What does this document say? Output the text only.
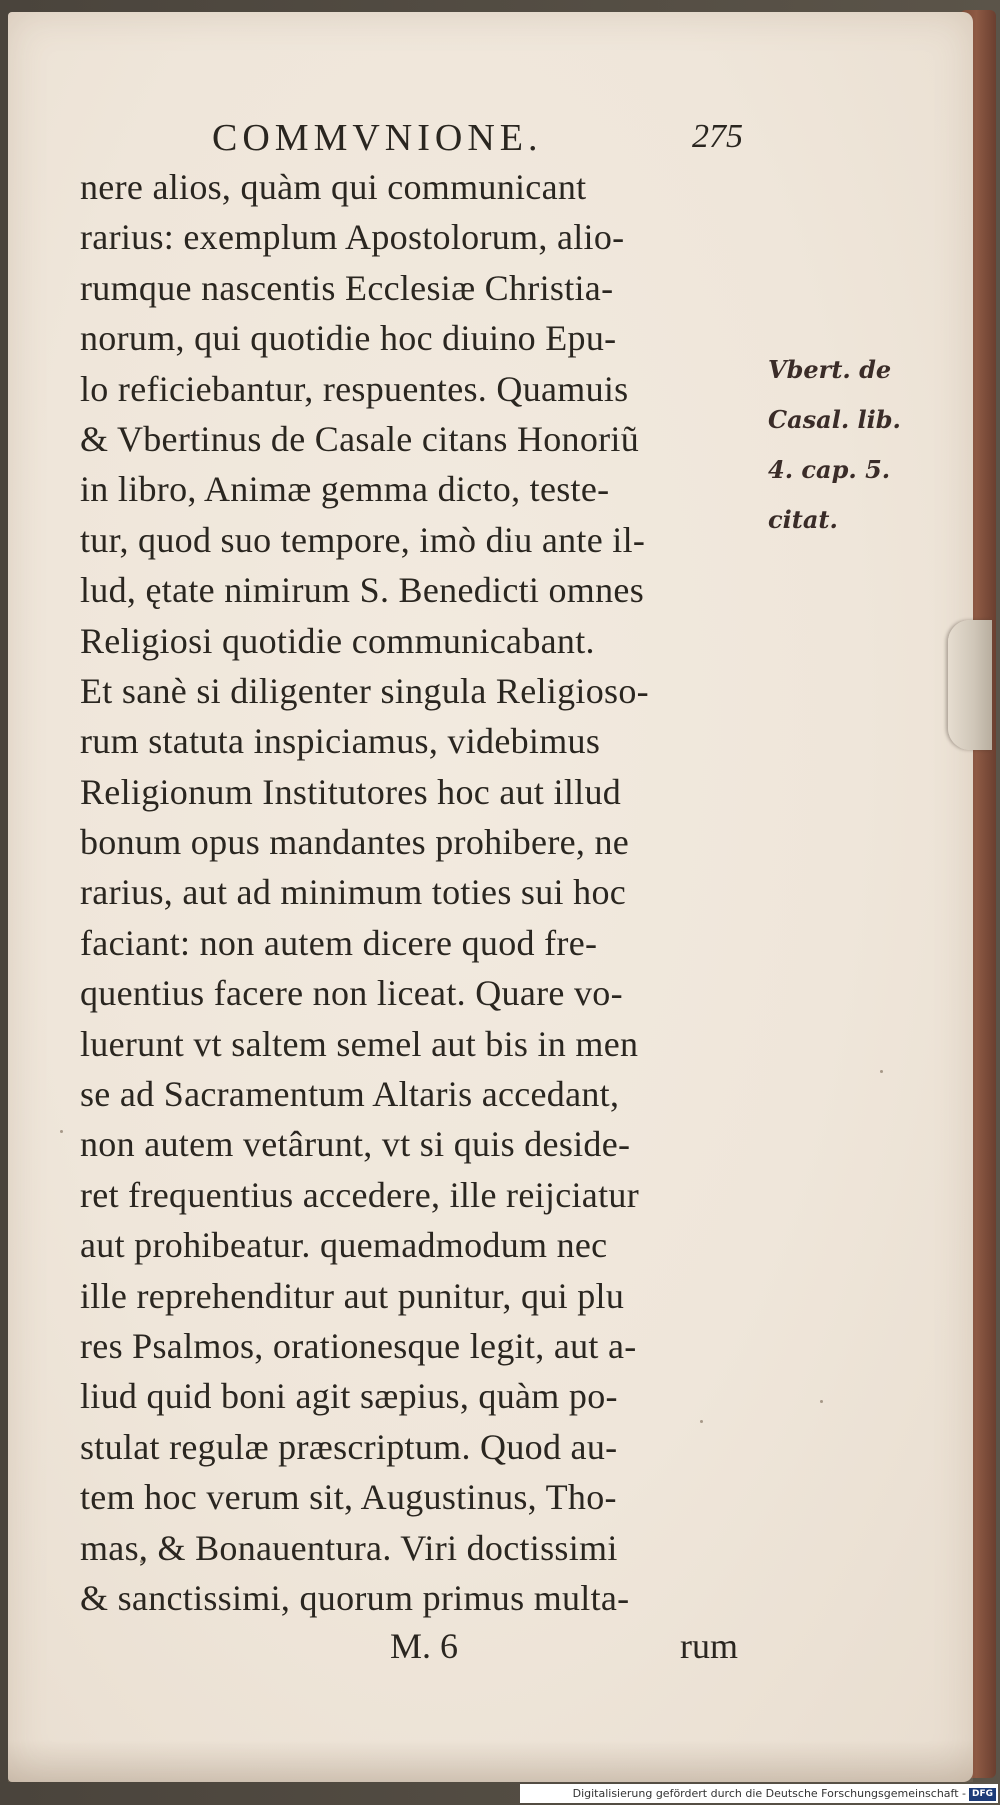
COMMVNIONE.	275
nere alios, quàm qui communicant
rarius: exemplum Apostolorum, alio-
rumque nascentis Ecclesiæ Christia-
norum, qui quotidie hoc diuino Epu-
lo reficiebantur, respuentes. Quamuis
& Vbertinus de Casale citans Honoriũ
in libro, Animæ gemma dicto, teste-
tur, quod suo tempore, imò diu ante il-
lud, ętate nimirum S. Benedicti omnes
Religiosi quotidie communicabant.
Et sanè si diligenter singula Religioso-
rum statuta inspiciamus, videbimus
Religionum Institutores hoc aut illud
bonum opus mandantes prohibere, ne
rarius, aut ad minimum toties sui hoc
faciant: non autem dicere quod fre-
quentius facere non liceat. Quare vo-
luerunt vt saltem semel aut bis in men
se ad Sacramentum Altaris accedant,
non autem vetârunt, vt si quis deside-
ret frequentius accedere, ille reijciatur
aut prohibeatur. quemadmodum nec
ille reprehenditur aut punitur, qui plu
res Psalmos, orationesque legit, aut a-
liud quid boni agit sæpius, quàm po-
stulat regulæ præscriptum. Quod au-
tem hoc verum sit, Augustinus, Tho-
mas, & Bonauentura. Viri doctissimi
& sanctissimi, quorum primus multa-
M. 6	rum
Vbert. de
Casal. lib.
4. cap. 5.
citat.
Digitalisierung gefördert durch die Deutsche Forschungsgemeinschaft - DFG
